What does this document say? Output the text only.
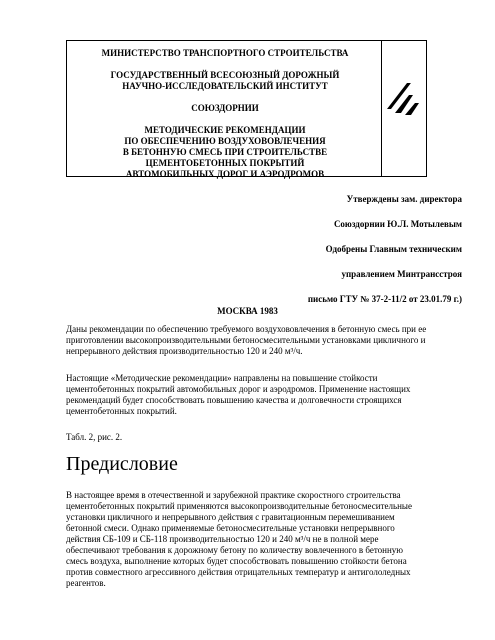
МИНИСТЕРСТВО ТРАНСПОРТНОГО СТРОИТЕЛЬСТВА
ГОСУДАРСТВЕННЫЙ ВСЕСОЮЗНЫЙ ДОРОЖНЫЙ
НАУЧНО-ИССЛЕДОВАТЕЛЬСКИЙ ИНСТИТУТ
СОЮЗДОРНИИ
МЕТОДИЧЕСКИЕ РЕКОМЕНДАЦИИ
ПО ОБЕСПЕЧЕНИЮ ВОЗДУХОВОВЛЕЧЕНИЯ
В БЕТОННУЮ СМЕСЬ ПРИ СТРОИТЕЛЬСТВЕ
ЦЕМЕНТОБЕТОННЫХ ПОКРЫТИЙ
АВТОМОБИЛЬНЫХ ДОРОГ И АЭРОДРОМОВ
Утверждены зам. директора
Союздорнии Ю.Л. Мотылевым
Одобрены Главным техническим
управлением Минтрансстроя
письмо ГТУ № 37-2-11/2 от 23.01.79 г.)
МОСКВА 1983

Даны рекомендации по обеспечению требуемого воздухововлечения в бетонную смесь при ее
приготовлении высокопроизводительными бетоносмесительными установками цикличного и
непрерывного действия производительностью 120 и 240 м³/ч.

Настоящие «Методические рекомендации» направлены на повышение стойкости
цементобетонных покрытий автомобильных дорог и аэродромов. Применение настоящих
рекомендаций будет способствовать повышению качества и долговечности строящихся
цементобетонных покрытий.

Табл. 2, рис. 2.

Предисловие

В настоящее время в отечественной и зарубежной практике скоростного строительства
цементобетонных покрытий применяются высокопроизводительные бетоносмесительные
установки цикличного и непрерывного действия с гравитационным перемешиванием
бетонной смеси. Однако применяемые бетоносмесительные установки непрерывного
действия СБ-109 и СБ-118 производительностью 120 и 240 м³/ч не в полной мере
обеспечивают требования к дорожному бетону по количеству вовлеченного в бетонную
смесь воздуха, выполнение которых будет способствовать повышению стойкости бетона
против совместного агрессивного действия отрицательных температур и антигололедных
реагентов.
